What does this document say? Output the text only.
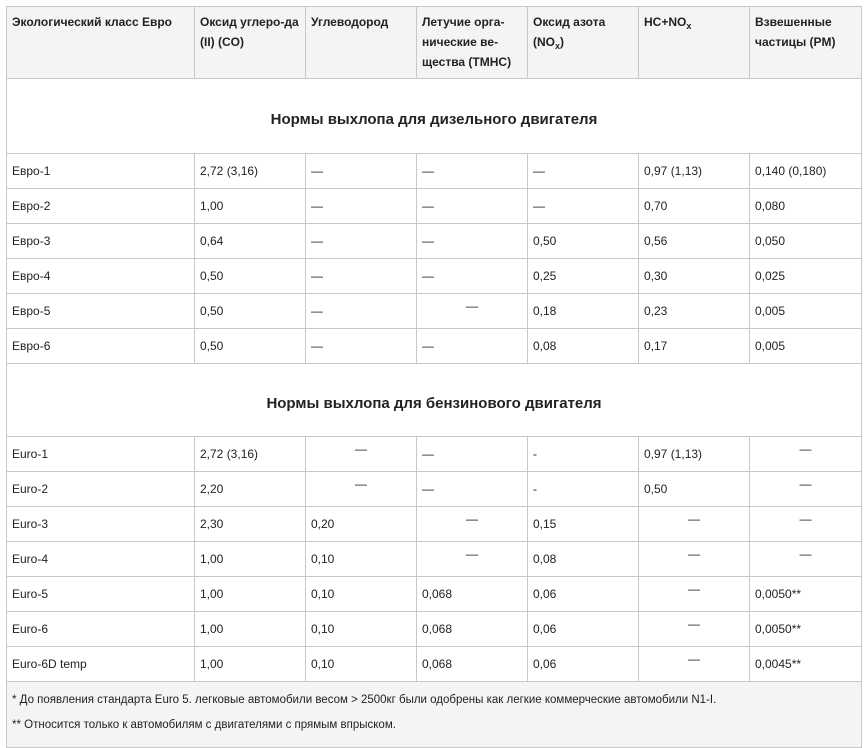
Экологический класс Евро	Оксид углеро-да (II) (CO)	Углеводород	Летучие орга-нические ве-щества (TMHC)	Оксид азота $(NO_x)$	$HC+NO_x$	Взвешенные частицы (PM)
Нормы выхлопа для дизельного двигателя						
Евро-1	2,72 (3,16)	—	—	—	0,97 (1,13)	0,140 (0,180)
Евро-2	1,00	—	—	—	0,70	0,080
Евро-3	0,64	—	—	0,50	0,56	0,050
Евро-4	0,50	—	—	0,25	0,30	0,025
Евро-5	0,50	—	—	0,18	0,23	0,005
Евро-6	0,50	—	—	0,08	0,17	0,005
Нормы выхлопа для бензинового двигателя						
Euro-1	2,72 (3,16)	—	—	-	0,97 (1,13)	—
Euro-2	2,20	—	—	-	0,50	—
Euro-3	2,30	0,20	—	0,15	—	—
Euro-4	1,00	0,10	—	0,08	—	—
Euro-5	1,00	0,10	0,068	0,06	—	0,0050**
Euro-6	1,00	0,10	0,068	0,06	—	0,0050**
Euro-6D temp	1,00	0,10	0,068	0,06	—	0,0045**
* До появления стандарта Euro 5. легковые автомобили весом > 2500кг были одобрены как легкие коммерческие автомобили N1-I.						
** Относится только к автомобилям с двигателями с прямым впрыском.						
